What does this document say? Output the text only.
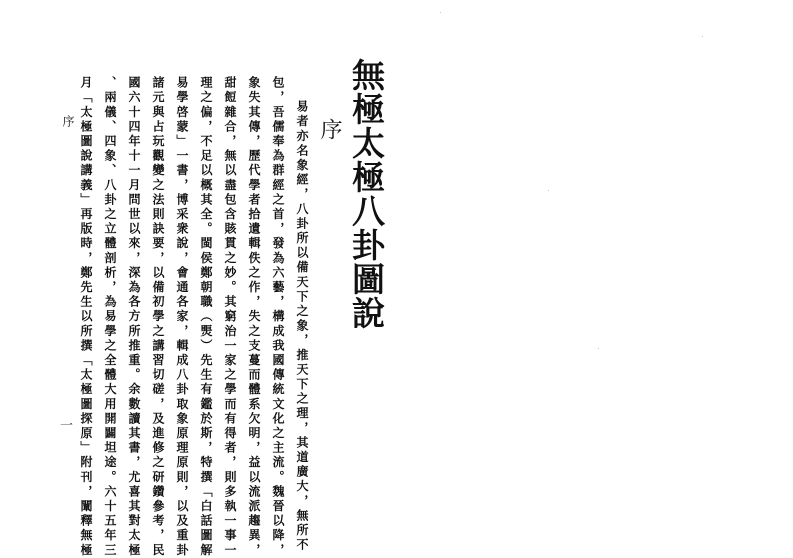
無極太極八卦圖說
序
易者亦名象經，八卦所以備天下之象，推天下之理，其道廣大，無所不
包，吾儒奉為群經之首，發為六藝，構成我國傳統文化之主流。魏晉以降，
象失其傳，歷代學者拾遺輯佚之作，失之支蔓而體系欠明，益以流派趨異，
甜餖雜合，無以盡包含賅貫之妙。其窮治一家之學而有得者，則多執一事一
理之偏，不足以概其全。閩侯鄭朝職（㷡）先生有鑑於斯，特撰「白話圖解
易學啓蒙」一書，博采衆說，會通各家，輯成八卦取象原理原則，以及重卦
諸元與占玩觀變之法則訣要，以備初學之講習切磋，及進修之研鑽參考，民
國六十四年十一月問世以來，深為各方所推重。余數讀其書，尤喜其對太極
、兩儀、四象、八卦之立體剖析，為易學之全體大用開闢坦途。六十五年三
月「太極圖說講義」再版時，鄭先生以所撰「太極圖探原」附刊，闡釋無極
序
一
